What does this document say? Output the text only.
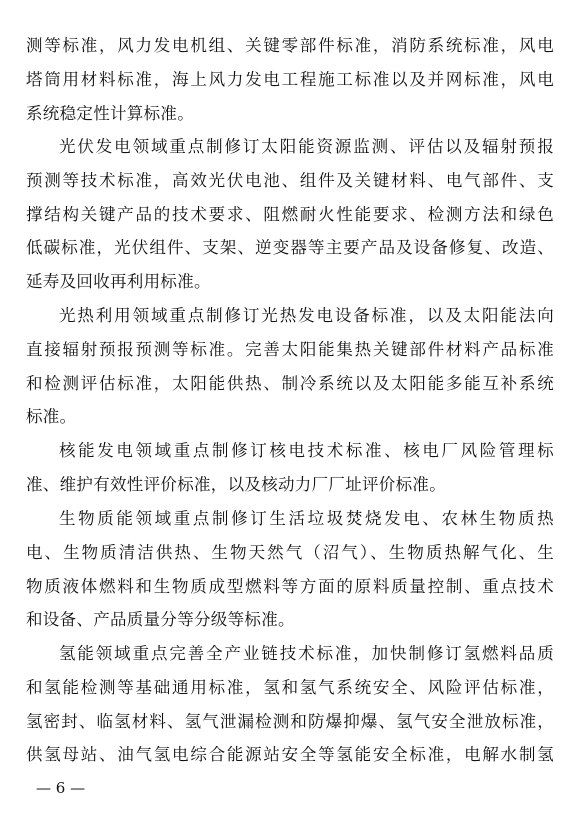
测等标准，风力发电机组、关键零部件标准，消防系统标准，风电
塔筒用材料标准，海上风力发电工程施工标准以及并网标准，风电
系统稳定性计算标准。

光伏发电领域重点制修订太阳能资源监测、评估以及辐射预报
预测等技术标准，高效光伏电池、组件及关键材料、电气部件、支
撑结构关键产品的技术要求、阻燃耐火性能要求、检测方法和绿色
低碳标准，光伏组件、支架、逆变器等主要产品及设备修复、改造、
延寿及回收再利用标准。

光热利用领域重点制修订光热发电设备标准，以及太阳能法向
直接辐射预报预测等标准。完善太阳能集热关键部件材料产品标准
和检测评估标准，太阳能供热、制冷系统以及太阳能多能互补系统
标准。

核能发电领域重点制修订核电技术标准、核电厂风险管理标
准、维护有效性评价标准，以及核动力厂厂址评价标准。

生物质能领域重点制修订生活垃圾焚烧发电、农林生物质热
电、生物质清洁供热、生物天然气（沼气）、生物质热解气化、生
物质液体燃料和生物质成型燃料等方面的原料质量控制、重点技术
和设备、产品质量分等分级等标准。

氢能领域重点完善全产业链技术标准，加快制修订氢燃料品质
和氢能检测等基础通用标准，氢和氢气系统安全、风险评估标准，
氢密封、临氢材料、氢气泄漏检测和防爆抑爆、氢气安全泄放标准，
供氢母站、油气氢电综合能源站安全等氢能安全标准，电解水制氢

— 6 —
